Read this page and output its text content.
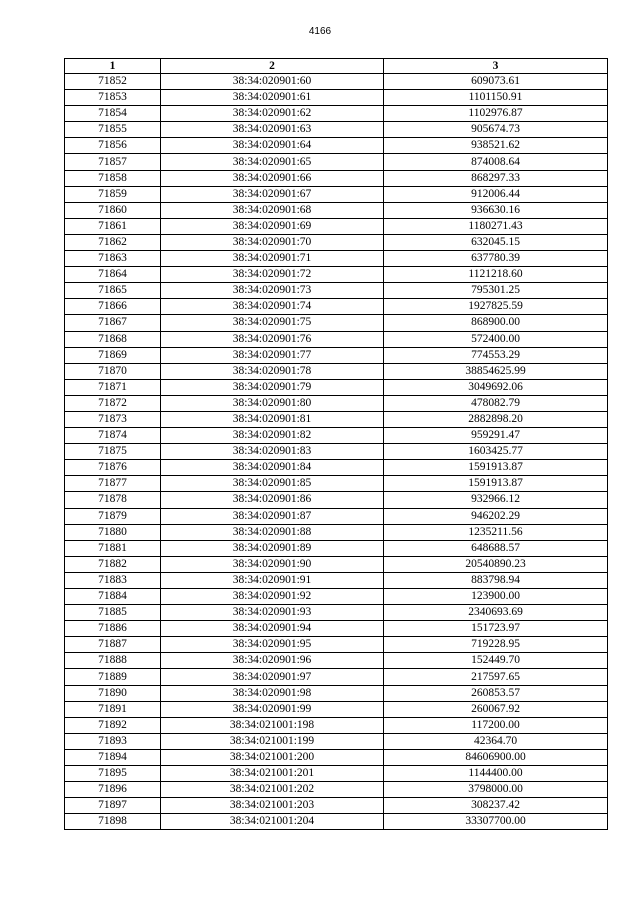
4166
1	2	3
71852	38:34:020901:60	609073.61
71853	38:34:020901:61	1101150.91
71854	38:34:020901:62	1102976.87
71855	38:34:020901:63	905674.73
71856	38:34:020901:64	938521.62
71857	38:34:020901:65	874008.64
71858	38:34:020901:66	868297.33
71859	38:34:020901:67	912006.44
71860	38:34:020901:68	936630.16
71861	38:34:020901:69	1180271.43
71862	38:34:020901:70	632045.15
71863	38:34:020901:71	637780.39
71864	38:34:020901:72	1121218.60
71865	38:34:020901:73	795301.25
71866	38:34:020901:74	1927825.59
71867	38:34:020901:75	868900.00
71868	38:34:020901:76	572400.00
71869	38:34:020901:77	774553.29
71870	38:34:020901:78	38854625.99
71871	38:34:020901:79	3049692.06
71872	38:34:020901:80	478082.79
71873	38:34:020901:81	2882898.20
71874	38:34:020901:82	959291.47
71875	38:34:020901:83	1603425.77
71876	38:34:020901:84	1591913.87
71877	38:34:020901:85	1591913.87
71878	38:34:020901:86	932966.12
71879	38:34:020901:87	946202.29
71880	38:34:020901:88	1235211.56
71881	38:34:020901:89	648688.57
71882	38:34:020901:90	20540890.23
71883	38:34:020901:91	883798.94
71884	38:34:020901:92	123900.00
71885	38:34:020901:93	2340693.69
71886	38:34:020901:94	151723.97
71887	38:34:020901:95	719228.95
71888	38:34:020901:96	152449.70
71889	38:34:020901:97	217597.65
71890	38:34:020901:98	260853.57
71891	38:34:020901:99	260067.92
71892	38:34:021001:198	117200.00
71893	38:34:021001:199	42364.70
71894	38:34:021001:200	84606900.00
71895	38:34:021001:201	1144400.00
71896	38:34:021001:202	3798000.00
71897	38:34:021001:203	308237.42
71898	38:34:021001:204	33307700.00
